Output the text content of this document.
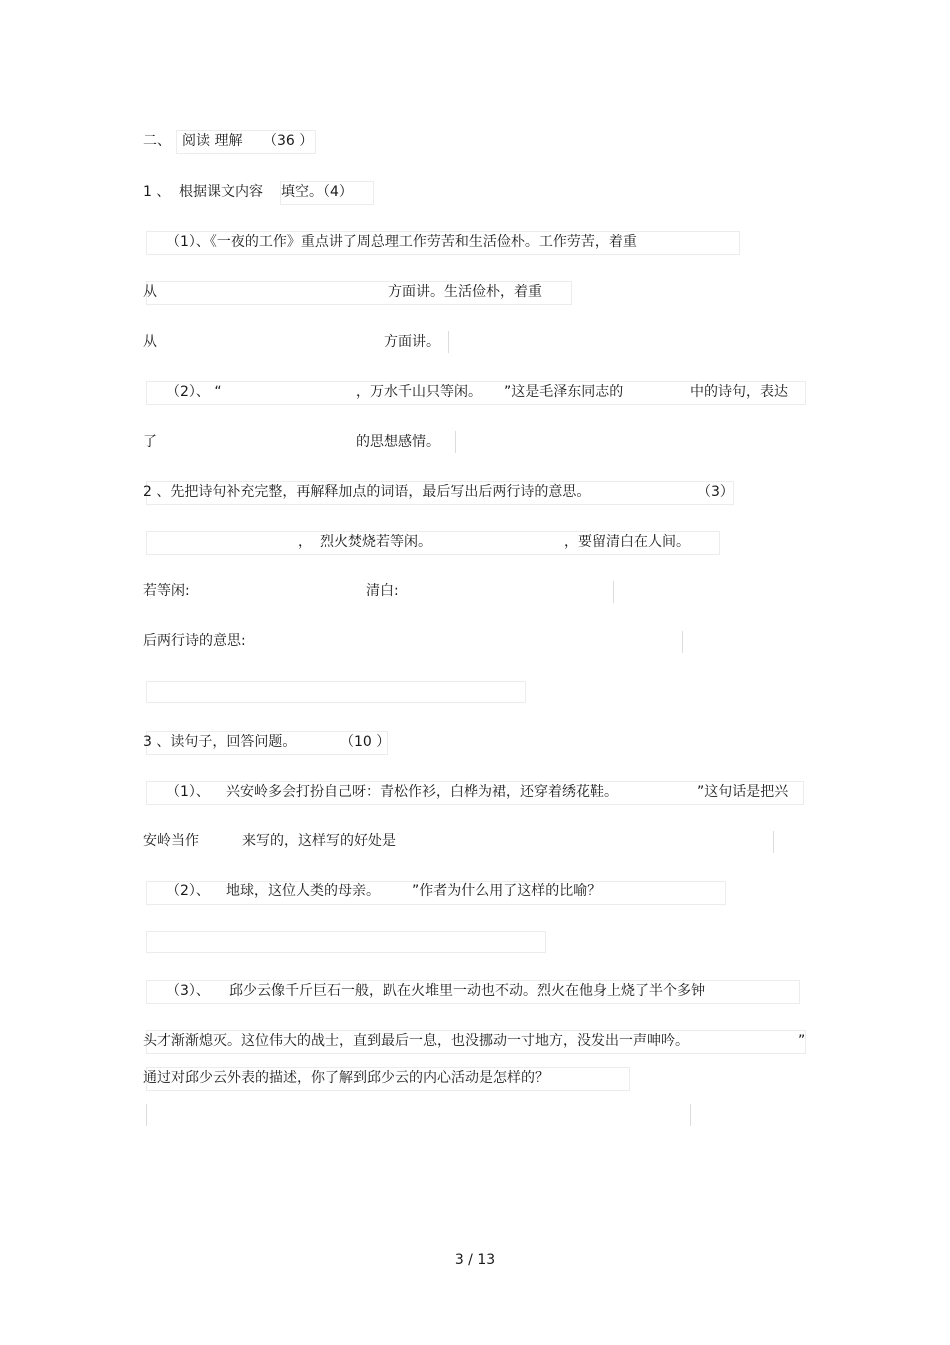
二、 阅读 理解 （36 ）
1 、 根据课文内容 填空。（4）
（1）、《一夜的工作》重点讲了周总理工作劳苦和生活俭朴。工作劳苦，着重
从	方面讲。生活俭朴，着重
从	方面讲。
（2）、 “	，万水千山只等闲。 ”这是毛泽东同志的	中的诗句，表达
了	的思想感情。
2 、先把诗句补充完整，再解释加点的词语，最后写出后两行诗的意思。	（3）
， 烈火焚烧若等闲。	，要留清白在人间。
若等闲:	清白:
后两行诗的意思:
3 、读句子，回答问题。	（10 ）
（1）、 兴安岭多会打扮自己呀：青松作衫，白桦为裙，还穿着绣花鞋。	”这句话是把兴
安岭当作	来写的，这样写的好处是
（2）、 地球，这位人类的母亲。 ”作者为什么用了这样的比喻？
（3）、 邱少云像千斤巨石一般，趴在火堆里一动也不动。烈火在他身上烧了半个多钟
头才渐渐熄灭。这位伟大的战士，直到最后一息，也没挪动一寸地方，没发出一声呻吟。	”
通过对邱少云外表的描述，你了解到邱少云的内心活动是怎样的？
3 / 13
